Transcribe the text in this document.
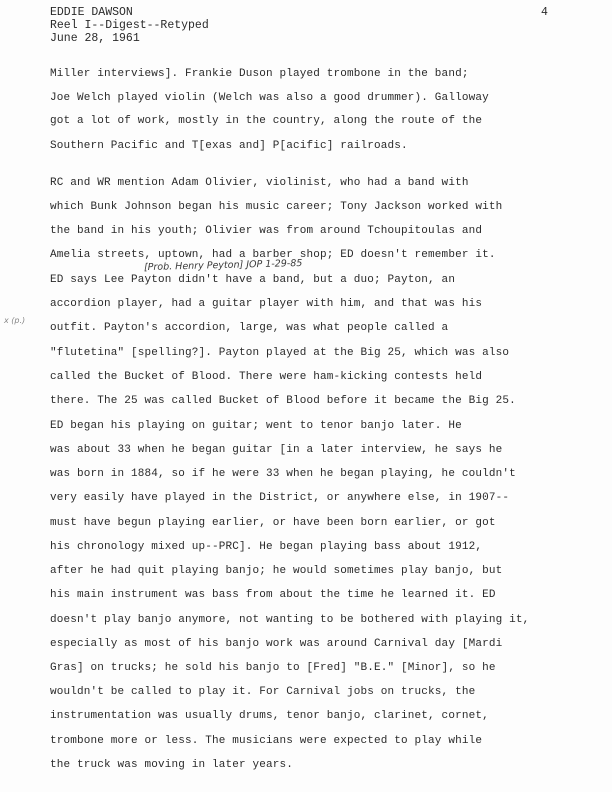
EDDIE DAWSON
Reel I--Digest--Retyped
June 28, 1961
4
x (p.)
Miller interviews]. Frankie Duson played trombone in the band;
Joe Welch played violin (Welch was also a good drummer). Galloway
got a lot of work, mostly in the country, along the route of the
Southern Pacific and T[exas and] P[acific] railroads.
RC and WR mention Adam Olivier, violinist, who had a band with
which Bunk Johnson began his music career; Tony Jackson worked with
the band in his youth; Olivier was from around Tchoupitoulas and
Amelia streets, uptown, had a barber shop; ED doesn't remember it.
[Prob. Henry Peyton] JOP 1-29-85
ED says Lee Payton didn't have a band, but a duo; Payton, an
accordion player, had a guitar player with him, and that was his
outfit. Payton's accordion, large, was what people called a
"flutetina" [spelling?]. Payton played at the Big 25, which was also
called the Bucket of Blood. There were ham-kicking contests held
there. The 25 was called Bucket of Blood before it became the Big 25.
ED began his playing on guitar; went to tenor banjo later. He
was about 33 when he began guitar [in a later interview, he says he
was born in 1884, so if he were 33 when he began playing, he couldn't
very easily have played in the District, or anywhere else, in 1907--
must have begun playing earlier, or have been born earlier, or got
his chronology mixed up--PRC]. He began playing bass about 1912,
after he had quit playing banjo; he would sometimes play banjo, but
his main instrument was bass from about the time he learned it. ED
doesn't play banjo anymore, not wanting to be bothered with playing it,
especially as most of his banjo work was around Carnival day [Mardi
Gras] on trucks; he sold his banjo to [Fred] "B.E." [Minor], so he
wouldn't be called to play it. For Carnival jobs on trucks, the
instrumentation was usually drums, tenor banjo, clarinet, cornet,
trombone more or less. The musicians were expected to play while
the truck was moving in later years.
